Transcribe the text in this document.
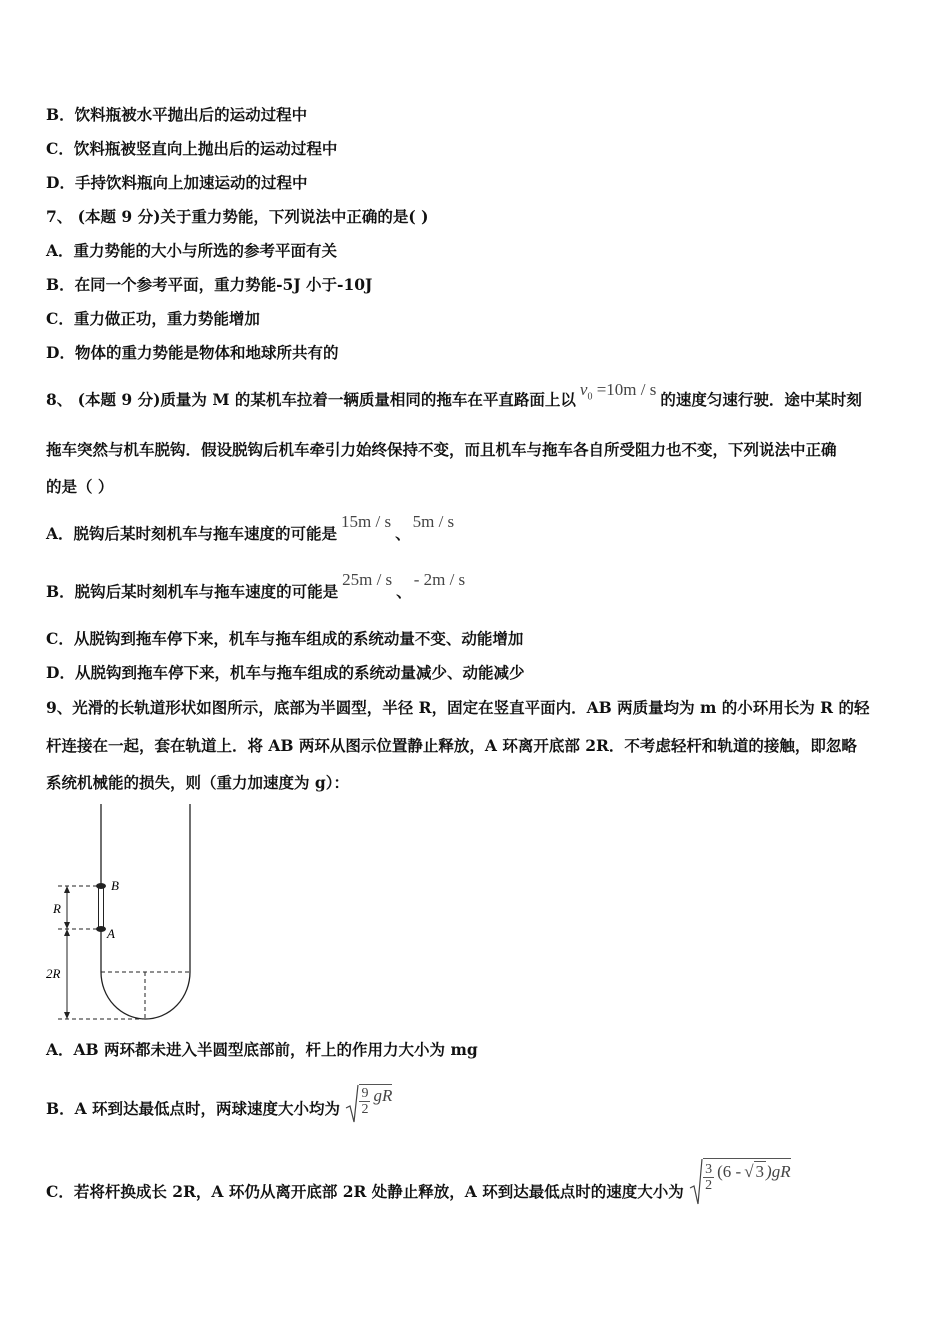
B．饮料瓶被水平抛出后的运动过程中
C．饮料瓶被竖直向上抛出后的运动过程中
D．手持饮料瓶向上加速运动的过程中
7、 (本题 9 分)关于重力势能，下列说法中正确的是( )
A．重力势能的大小与所选的参考平面有关
B．在同一个参考平面，重力势能-5J 小于-10J
C．重力做正功，重力势能增加
D．物体的重力势能是物体和地球所共有的
8、 (本题 9 分)质量为 M 的某机车拉着一辆质量相同的拖车在平直路面上以$v_0 =10m / s$的速度匀速行驶．途中某时刻
拖车突然与机车脱钩．假设脱钩后机车牵引力始终保持不变，而且机车与拖车各自所受阻力也不变，下列说法中正确
的是（ ）
A．脱钩后某时刻机车与拖车速度的可能是15m / s、5m / s
B．脱钩后某时刻机车与拖车速度的可能是25m / s、- 2m / s
C．从脱钩到拖车停下来，机车与拖车组成的系统动量不变、动能增加
D．从脱钩到拖车停下来，机车与拖车组成的系统动量减少、动能减少
9、光滑的长轨道形状如图所示，底部为半圆型，半径 R，固定在竖直平面内．AB 两质量均为 m 的小环用长为 R 的轻
杆连接在一起，套在轨道上．将 AB 两环从图示位置静止释放，A 环离开底部 2R．不考虑轻杆和轨道的接触，即忽略
系统机械能的损失，则（重力加速度为 g）：
B
A
R
2R
A．AB 两环都未进入半圆型底部前，杆上的作用力大小为 mg
B．A 环到达最低点时，两球速度大小均为 $\frac{9}{2}$ gR
C．若将杆换成长 2R，A 环仍从离开底部 2R 处静止释放，A 环到达最低点时的速度大小为 $\frac{3}{2} (6$ - √ 3 )gR
